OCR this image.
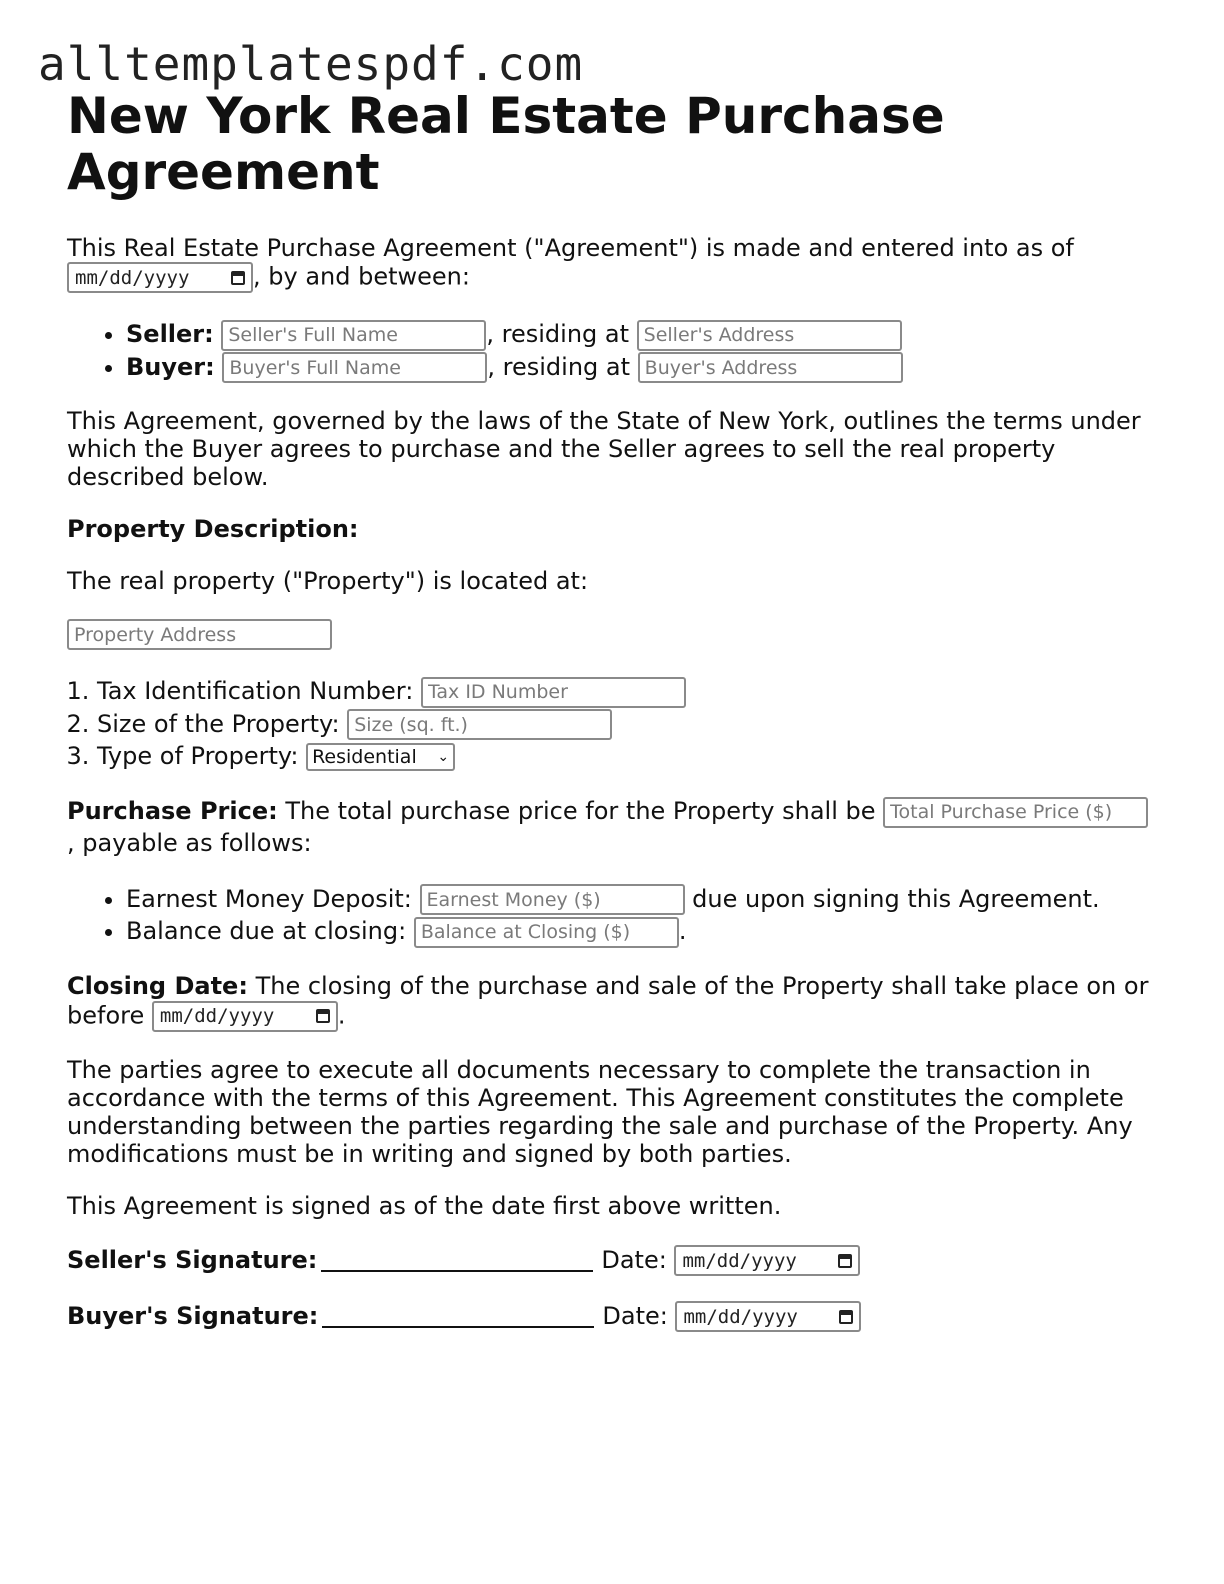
alltemplatespdf.com
New York Real Estate Purchase Agreement

This Real Estate Purchase Agreement ("Agreement") is made and entered into as of

mm/dd/yyyy	, by and between:

• Seller: Seller's Full Name	, residing at Seller's Address
• Buyer: Buyer's Full Name	, residing at Buyer's Address

This Agreement, governed by the laws of the State of New York, outlines the terms under which the Buyer agrees to purchase and the Seller agrees to sell the real property described below.

Property Description:

The real property ("Property") is located at:

Property Address
1. Tax Identification Number: Tax ID Number
2. Size of the Property: Size (sq. ft.)
3. Type of Property: Residential ⌄

Purchase Price: The total purchase price for the Property shall be Total Purchase Price ($)
, payable as follows:

• Earnest Money Deposit: Earnest Money ($)	due upon signing this Agreement.
• Balance due at closing: Balance at Closing ($)	.

Closing Date: The closing of the purchase and sale of the Property shall take place on or before mm/dd/yyyy	.

The parties agree to execute all documents necessary to complete the transaction in accordance with the terms of this Agreement. This Agreement constitutes the complete understanding between the parties regarding the sale and purchase of the Property. Any modifications must be in writing and signed by both parties.

This Agreement is signed as of the date first above written.

Seller's Signature:	Date: mm/dd/yyyy
Buyer's Signature:	Date: mm/dd/yyyy
